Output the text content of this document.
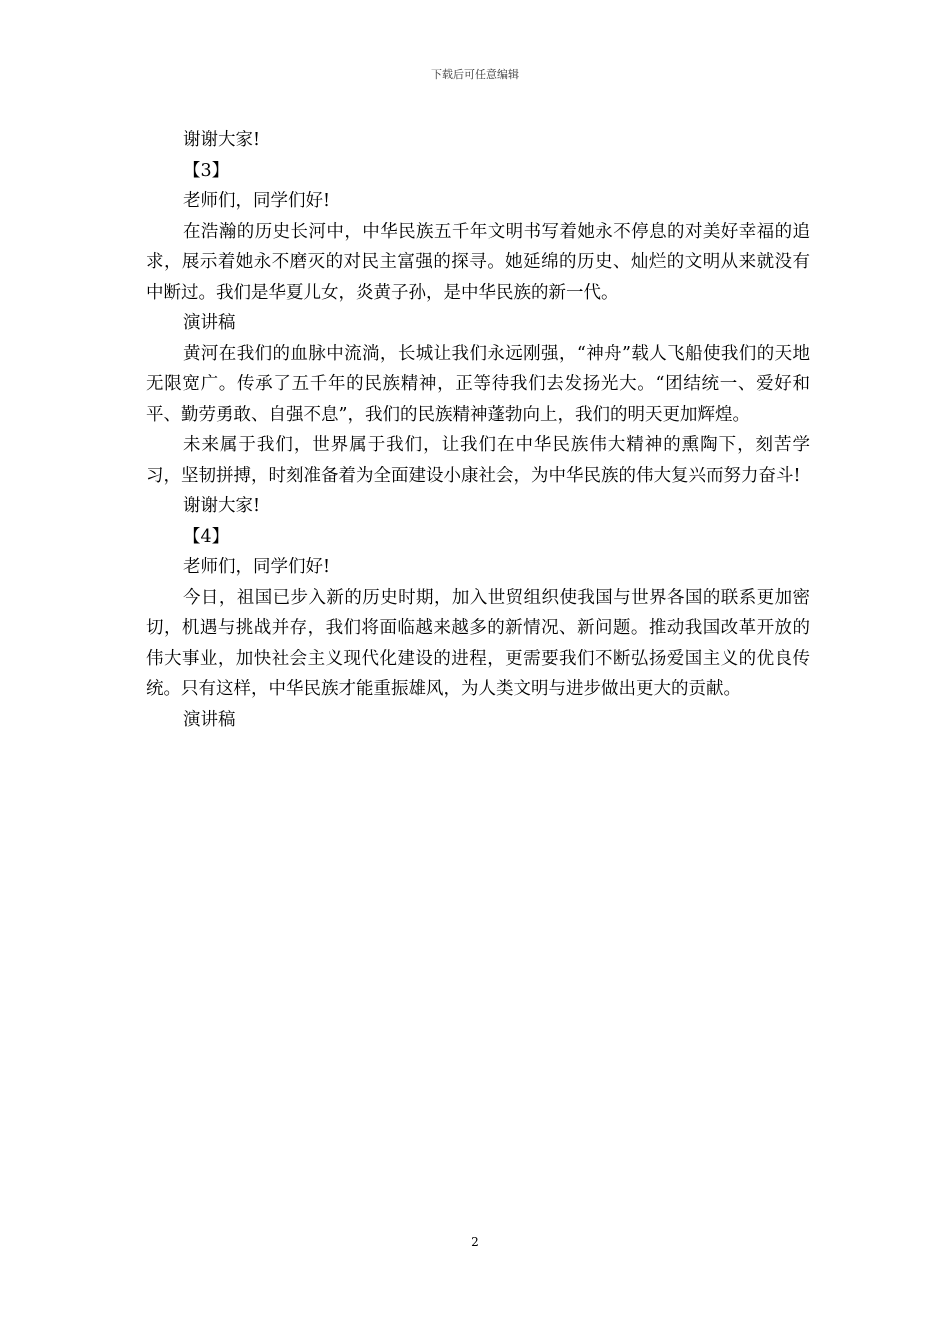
下载后可任意编辑

谢谢大家!

【3】

老师们，同学们好!

在浩瀚的历史长河中，中华民族五千年文明书写着她永不停息的对美好幸福的追求，展示着她永不磨灭的对民主富强的探寻。她延绵的历史、灿烂的文明从来就没有中断过。我们是华夏儿女，炎黄子孙，是中华民族的新一代。

演讲稿

黄河在我们的血脉中流淌，长城让我们永远刚强，“神舟”载人飞船使我们的天地无限宽广。传承了五千年的民族精神，正等待我们去发扬光大。“团结统一、爱好和平、勤劳勇敢、自强不息”，我们的民族精神蓬勃向上，我们的明天更加辉煌。

未来属于我们，世界属于我们，让我们在中华民族伟大精神的熏陶下，刻苦学习，坚韧拼搏，时刻准备着为全面建设小康社会，为中华民族的伟大复兴而努力奋斗!

谢谢大家!

【4】

老师们，同学们好!

今日，祖国已步入新的历史时期，加入世贸组织使我国与世界各国的联系更加密切，机遇与挑战并存，我们将面临越来越多的新情况、新问题。推动我国改革开放的伟大事业，加快社会主义现代化建设的进程，更需要我们不断弘扬爱国主义的优良传统。只有这样，中华民族才能重振雄风，为人类文明与进步做出更大的贡献。

演讲稿

2
